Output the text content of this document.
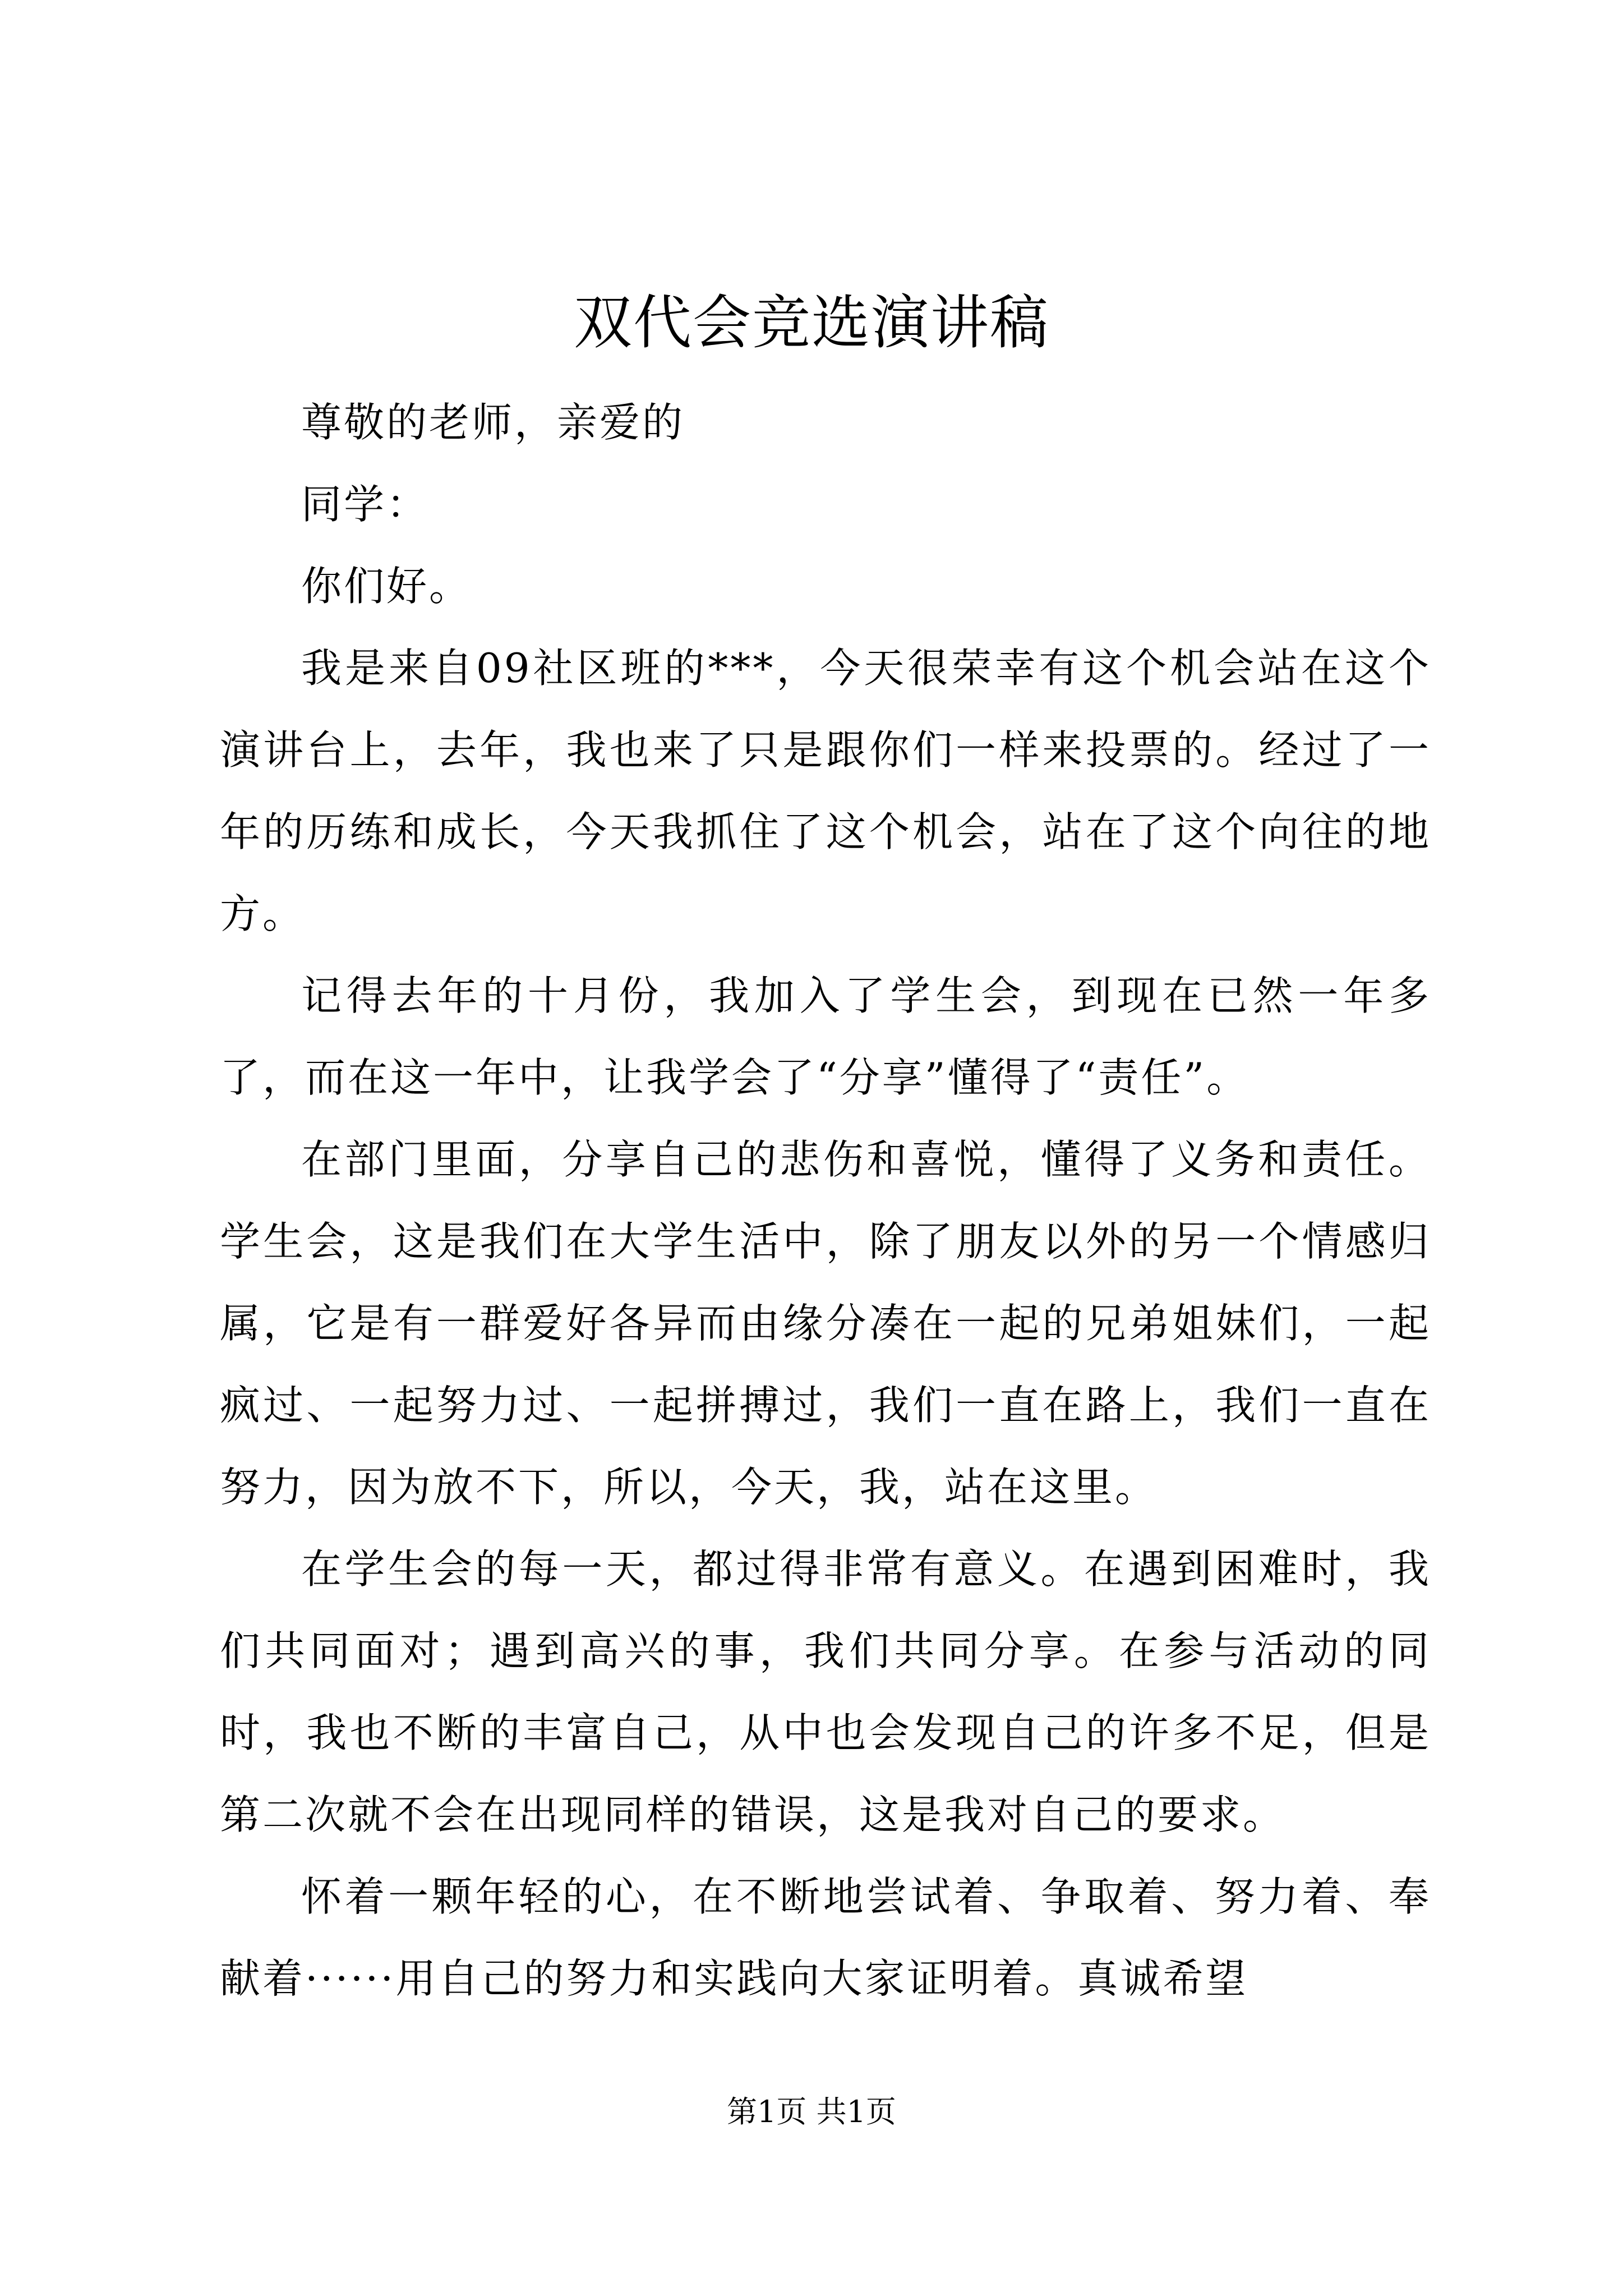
双代会竞选演讲稿

尊敬的老师，亲爱的

同学：

你们好。

我是来自09社区班的***，今天很荣幸有这个机会站在这个演讲台上，去年，我也来了只是跟你们一样来投票的。经过了一年的历练和成长，今天我抓住了这个机会，站在了这个向往的地方。

记得去年的十月份，我加入了学生会，到现在已然一年多了，而在这一年中，让我学会了“分享”懂得了“责任”。

在部门里面，分享自己的悲伤和喜悦，懂得了义务和责任。学生会，这是我们在大学生活中，除了朋友以外的另一个情感归属，它是有一群爱好各异而由缘分凑在一起的兄弟姐妹们，一起疯过、一起努力过、一起拼搏过，我们一直在路上，我们一直在努力，因为放不下，所以，今天，我，站在这里。

在学生会的每一天，都过得非常有意义。在遇到困难时，我们共同面对；遇到高兴的事，我们共同分享。在参与活动的同时，我也不断的丰富自己，从中也会发现自己的许多不足，但是第二次就不会在出现同样的错误，这是我对自己的要求。

怀着一颗年轻的心，在不断地尝试着、争取着、努力着、奉献着······用自己的努力和实践向大家证明着。真诚希望

第1页 共1页
